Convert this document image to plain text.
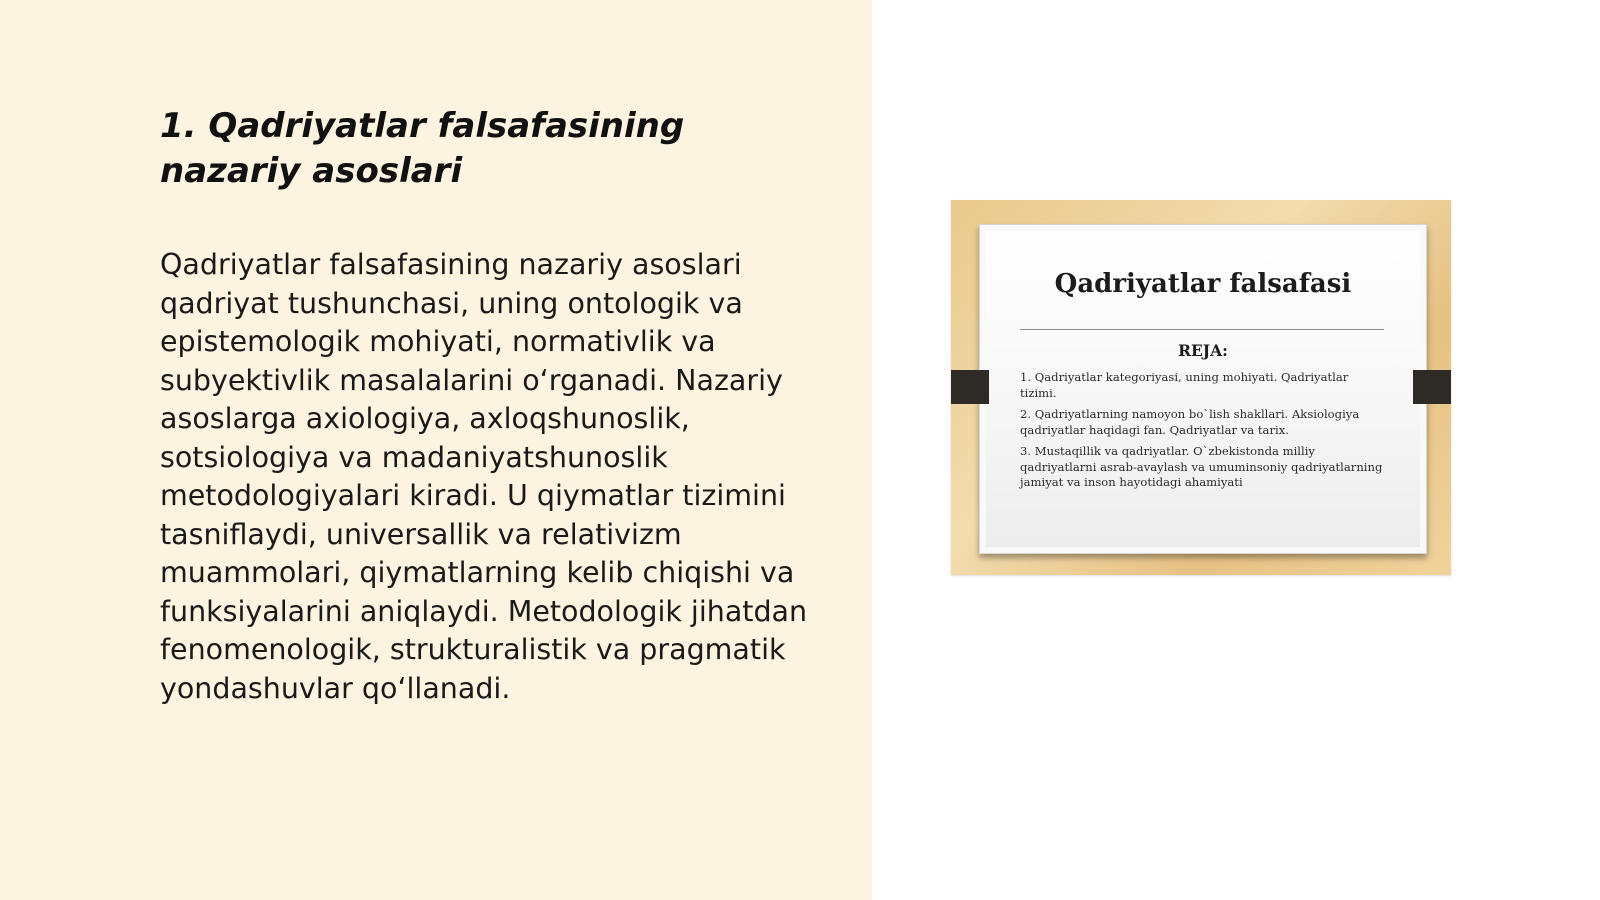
1. Qadriyatlar falsafasining nazariy asoslari

Qadriyatlar falsafasining nazariy asoslari qadriyat tushunchasi, uning ontologik va epistemologik mohiyati, normativlik va subyektivlik masalalarini o‘rganadi. Nazariy asoslarga axiologiya, axloqshunoslik, sotsiologiya va madaniyatshunoslik metodologiyalari kiradi. U qiymatlar tizimini tasniflaydi, universallik va relativizm muammolari, qiymatlarning kelib chiqishi va funksiyalarini aniqlaydi. Metodologik jihatdan fenomenologik, strukturalistik va pragmatik yondashuvlar qo‘llanadi.

Qadriyatlar falsafasi
REJA:
1. Qadriyatlar kategoriyasi, uning mohiyati. Qadriyatlar tizimi.
2. Qadriyatlarning namoyon bo`lish shakllari. Aksiologiya qadriyatlar haqidagi fan. Qadriyatlar va tarix.
3. Mustaqillik va qadriyatlar. O`zbekistonda milliy qadriyatlarni asrab-avaylash va umuminsoniy qadriyatlarning jamiyat va inson hayotidagi ahamiyati
